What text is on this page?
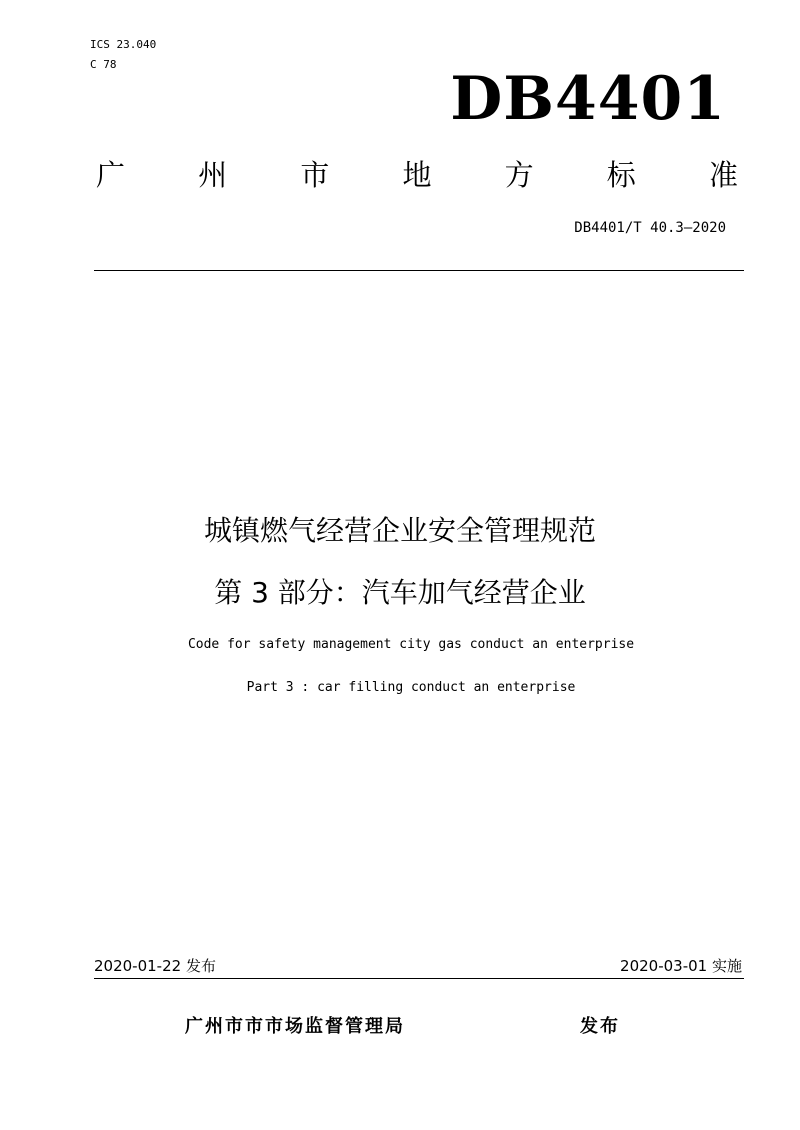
ICS 23.040
C 78	DB4401
广	州	市	地	方	标	准
DB4401/T 40.3—2020
城镇燃气经营企业安全管理规范
第 3 部分：汽车加气经营企业
Code for safety management city gas conduct an enterprise
Part 3 : car filling conduct an enterprise
2020-01-22 发布	2020-03-01 实施
广州市市市场监督管理局	发布
